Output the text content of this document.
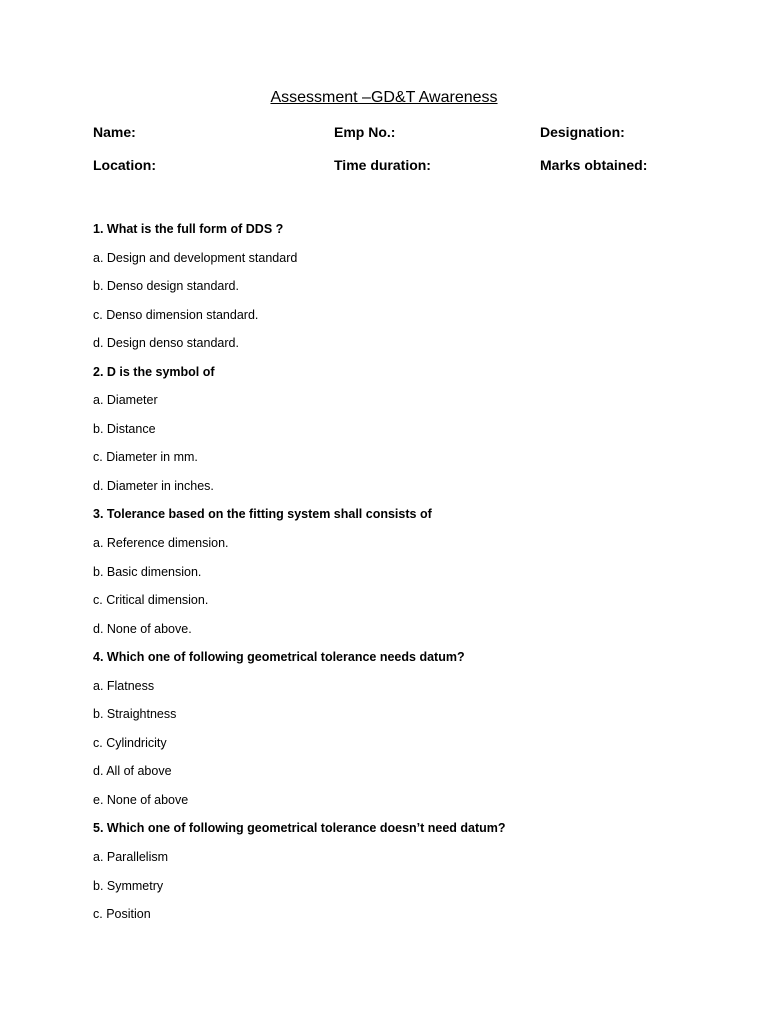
Assessment –GD&T Awareness
Name:	Emp No.:	Designation:
Location:	Time duration:	Marks obtained:
1. What is the full form of DDS ?
a. Design and development standard
b. Denso design standard.
c. Denso dimension standard.
d. Design denso standard.
2. D is the symbol of
a. Diameter
b. Distance
c. Diameter in mm.
d. Diameter in inches.
3. Tolerance based on the fitting system shall consists of
a. Reference dimension.
b. Basic dimension.
c. Critical dimension.
d. None of above.
4. Which one of following geometrical tolerance needs datum?
a. Flatness
b. Straightness
c. Cylindricity
d. All of above
e. None of above
5. Which one of following geometrical tolerance doesn’t need datum?
a. Parallelism
b. Symmetry
c. Position
